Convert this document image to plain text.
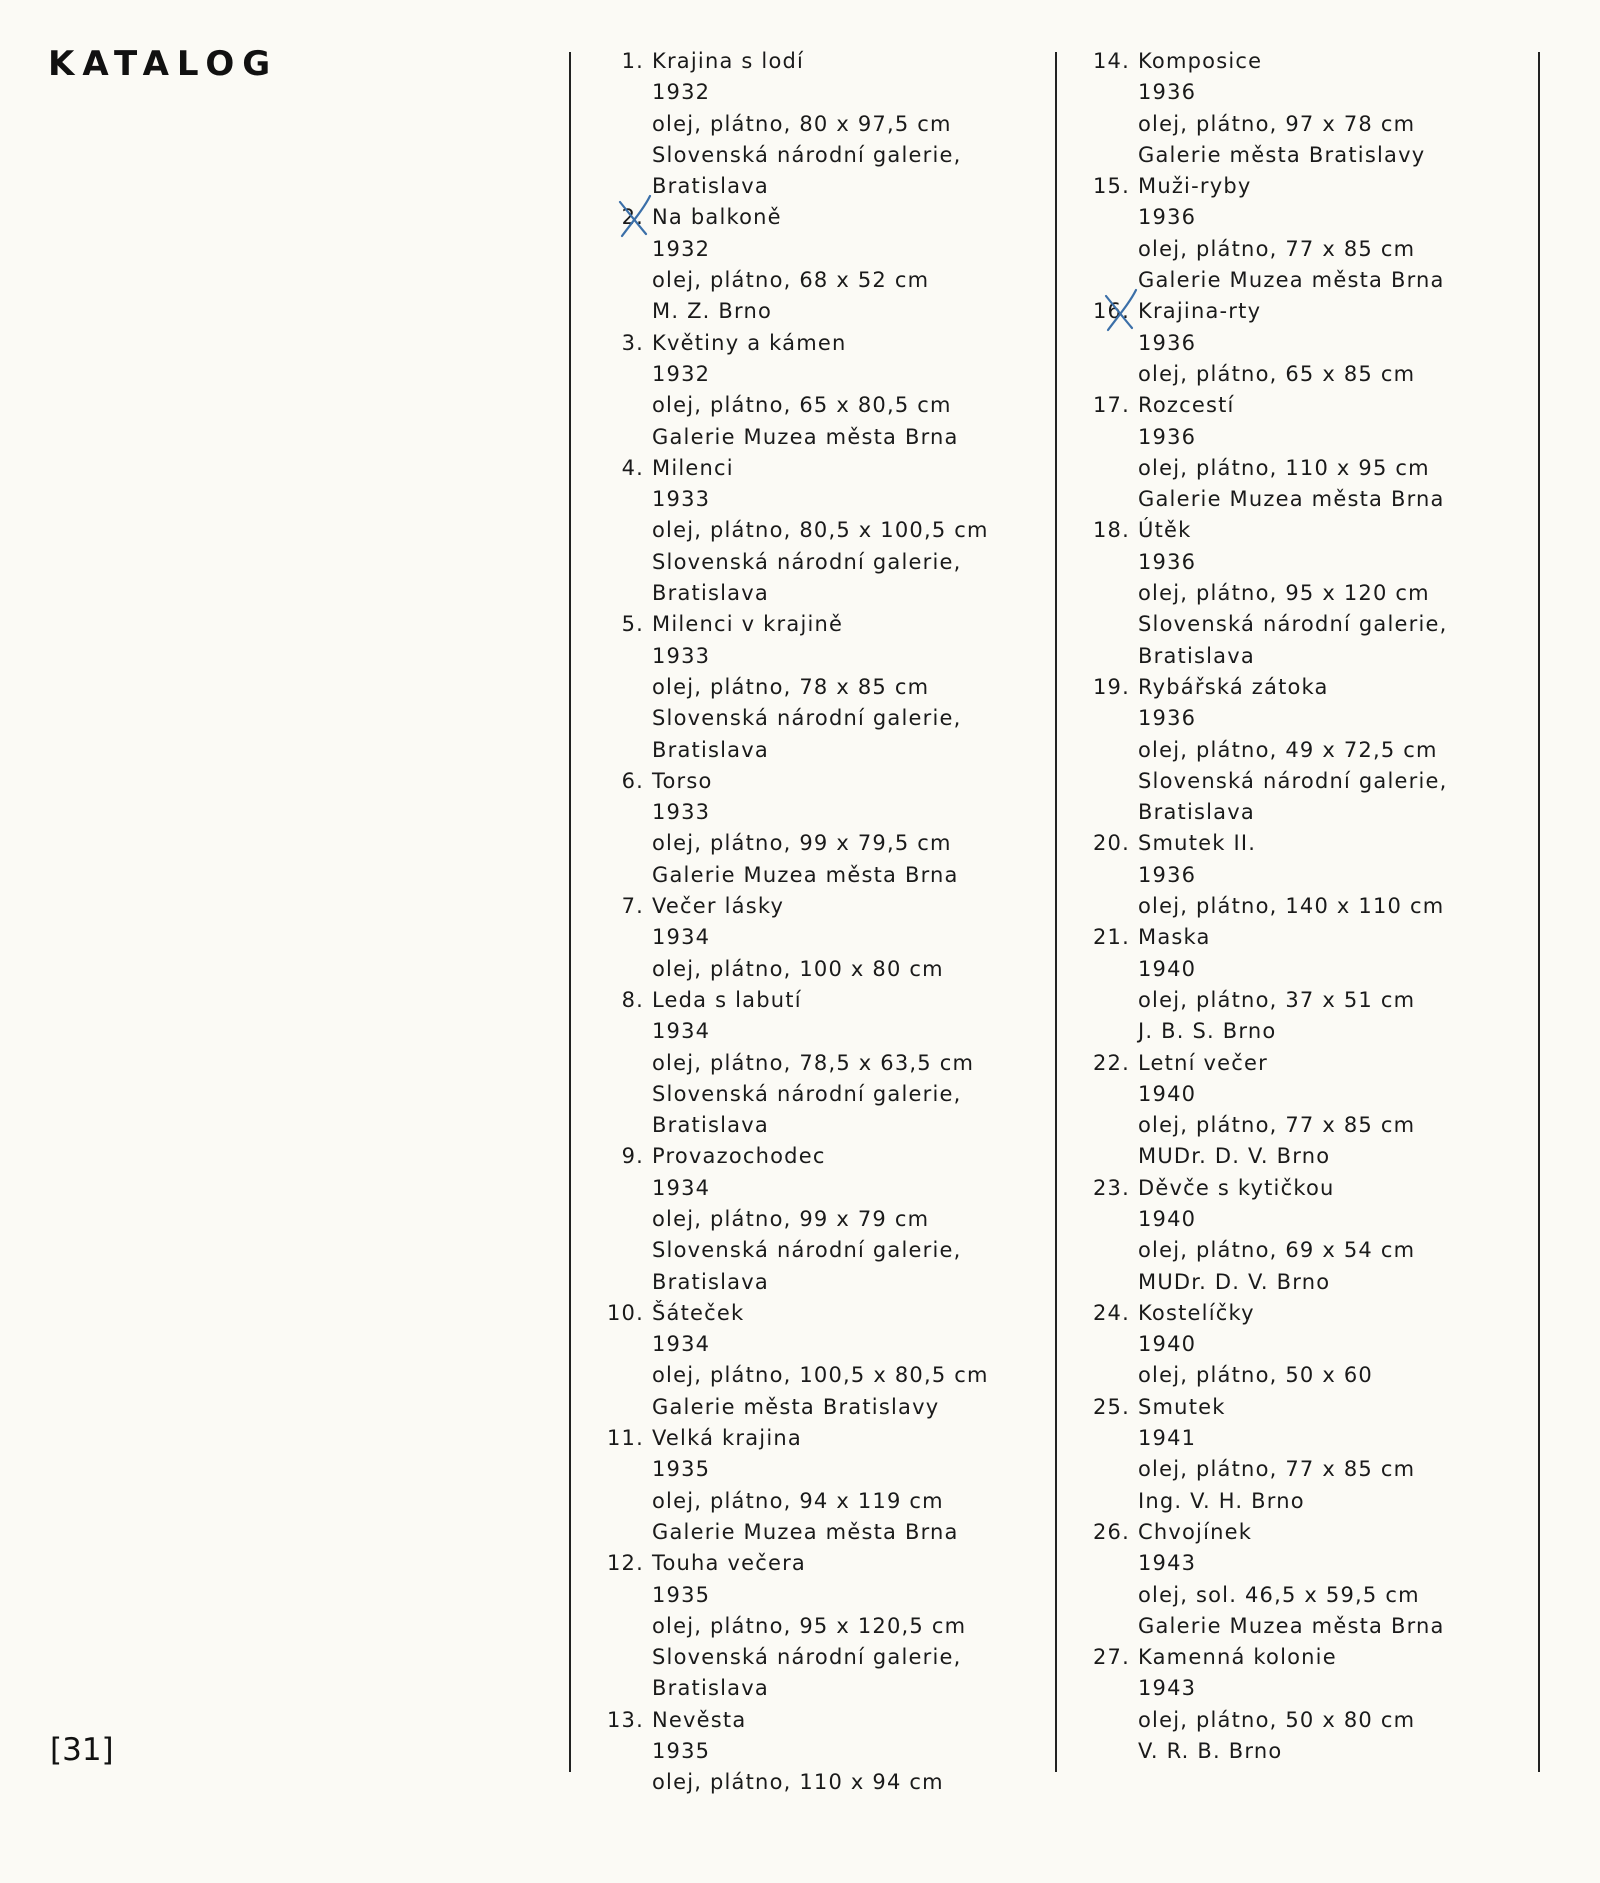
KATALOG	1. Krajina s lodí
1932
olej, plátno, 80 x 97,5 cm
Slovenská národní galerie,
Bratislava
2. Na balkoně
1932
olej, plátno, 68 x 52 cm
M. Z. Brno
3. Květiny a kámen
1932
olej, plátno, 65 x 80,5 cm
Galerie Muzea města Brna
4. Milenci
1933
olej, plátno, 80,5 x 100,5 cm
Slovenská národní galerie,
Bratislava
5. Milenci v krajině
1933
olej, plátno, 78 x 85 cm
Slovenská národní galerie,
Bratislava
6. Torso
1933
olej, plátno, 99 x 79,5 cm
Galerie Muzea města Brna
7. Večer lásky
1934
olej, plátno, 100 x 80 cm
8. Leda s labutí
1934
olej, plátno, 78,5 x 63,5 cm
Slovenská národní galerie,
Bratislava
9. Provazochodec
1934
olej, plátno, 99 x 79 cm
Slovenská národní galerie,
Bratislava
10. Šáteček
1934
olej, plátno, 100,5 x 80,5 cm
Galerie města Bratislavy
11. Velká krajina
1935
olej, plátno, 94 x 119 cm
Galerie Muzea města Brna
12. Touha večera
1935
olej, plátno, 95 x 120,5 cm
Slovenská národní galerie,
Bratislava
13. Nevěsta
1935
olej, plátno, 110 x 94 cm
14. Komposice
1936
olej, plátno, 97 x 78 cm
Galerie města Bratislavy
15. Muži-ryby
1936
olej, plátno, 77 x 85 cm
Galerie Muzea města Brna
16. Krajina-rty
1936
olej, plátno, 65 x 85 cm
17. Rozcestí
1936
olej, plátno, 110 x 95 cm
Galerie Muzea města Brna
18. Útěk
1936
olej, plátno, 95 x 120 cm
Slovenská národní galerie,
Bratislava
19. Rybářská zátoka
1936
olej, plátno, 49 x 72,5 cm
Slovenská národní galerie,
Bratislava
20. Smutek II.
1936
olej, plátno, 140 x 110 cm
21. Maska
1940
olej, plátno, 37 x 51 cm
J. B. S. Brno
22. Letní večer
1940
olej, plátno, 77 x 85 cm
MUDr. D. V. Brno
23. Děvče s kytičkou
1940
olej, plátno, 69 x 54 cm
MUDr. D. V. Brno
24. Kostelíčky
1940
olej, plátno, 50 x 60
25. Smutek
1941
olej, plátno, 77 x 85 cm
Ing. V. H. Brno
26. Chvojínek
1943
olej, sol. 46,5 x 59,5 cm
Galerie Muzea města Brna
27. Kamenná kolonie
1943
olej, plátno, 50 x 80 cm
V. R. B. Brno
[31]
